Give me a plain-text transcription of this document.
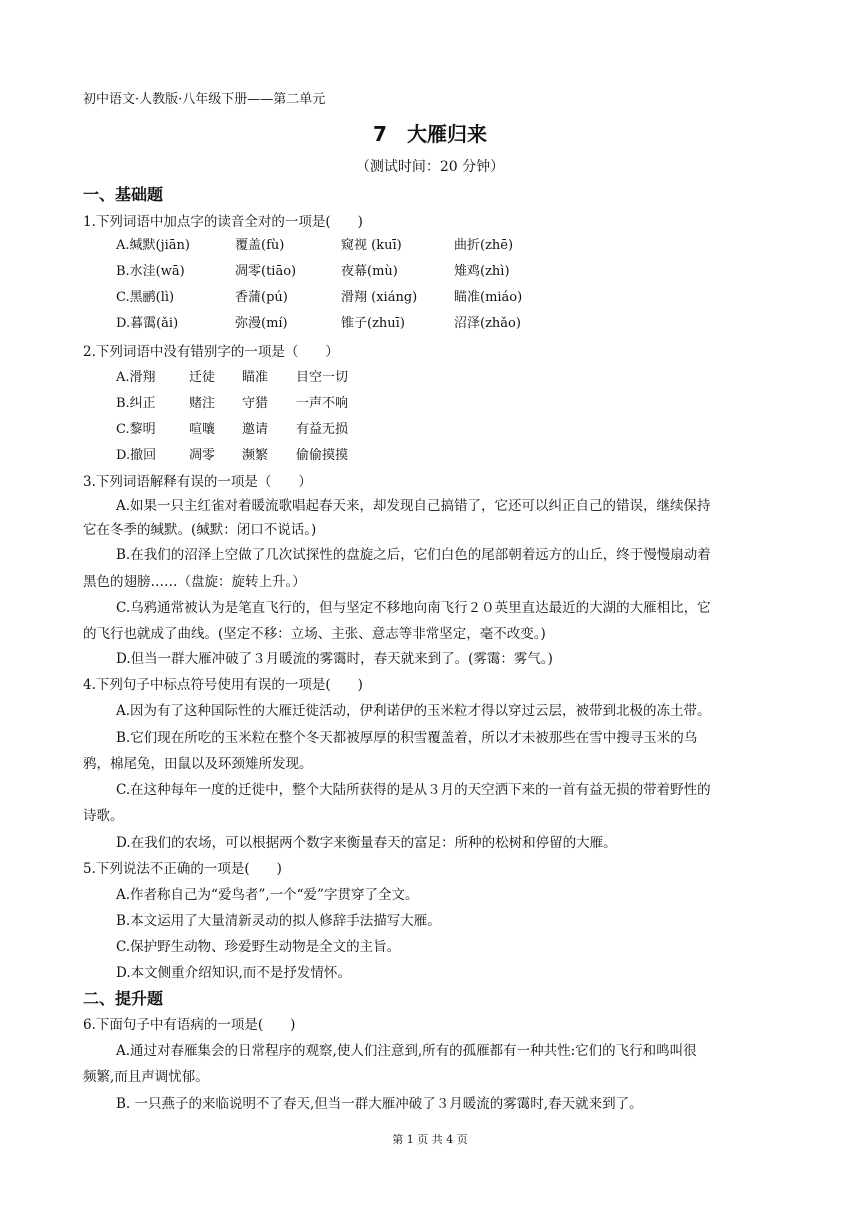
初中语文·人教版·八年级下册——第二单元
7　大雁归来
（测试时间：20 分钟）
一、基础题
1.下列词语中加点字的读音全对的一项是(　　)
A.缄默(jiān)	覆盖(fù)	窥视 (kuī)	曲折(zhē)
B.水洼(wā)	凋零(tiāo)	夜幕(mù)	雉鸡(zhì)
C.黑鹂(lì)	香蒲(pú)	滑翔 (xiáng)	瞄准(miáo)
D.暮霭(ǎi)	弥漫(mí)	锥子(zhuī)	沼泽(zhǎo)
2.下列词语中没有错别字的一项是（　　）
A.滑翔	迁徒 瞄准 目空一切
B.纠正	赌注 守猎 一声不响
C.黎明	喧嚷 邀请 有益无损
D.撤回	凋零 濒繁 偷偷摸摸
3.下列词语解释有误的一项是（　　）
A.如果一只主红雀对着暖流歌唱起春天来，却发现自己搞错了，它还可以纠正自己的错误，继续保持
它在冬季的缄默。(缄默：闭口不说话。)
B.在我们的沼泽上空做了几次试探性的盘旋之后，它们白色的尾部朝着远方的山丘，终于慢慢扇动着
黑色的翅膀……（盘旋：旋转上升。）
C.乌鸦通常被认为是笔直飞行的，但与坚定不移地向南飞行２０英里直达最近的大湖的大雁相比，它
的飞行也就成了曲线。(坚定不移：立场、主张、意志等非常坚定，毫不改变。)
D.但当一群大雁冲破了３月暖流的雾霭时，春天就来到了。(雾霭：雾气。)
4.下列句子中标点符号使用有误的一项是(　　)
A.因为有了这种国际性的大雁迁徙活动，伊利诺伊的玉米粒才得以穿过云层，被带到北极的冻土带。
B.它们现在所吃的玉米粒在整个冬天都被厚厚的积雪覆盖着，所以才未被那些在雪中搜寻玉米的乌
鸦，棉尾兔，田鼠以及环颈雉所发现。
C.在这种每年一度的迁徙中，整个大陆所获得的是从３月的天空洒下来的一首有益无损的带着野性的
诗歌。
D.在我们的农场，可以根据两个数字来衡量春天的富足：所种的松树和停留的大雁。
5.下列说法不正确的一项是(　　)
A.作者称自己为“爱鸟者”,一个“爱”字贯穿了全文。
B.本文运用了大量清新灵动的拟人修辞手法描写大雁。
C.保护野生动物、珍爱野生动物是全文的主旨。
D.本文侧重介绍知识,而不是抒发情怀。
二、提升题
6.下面句子中有语病的一项是(　　)
A.通过对春雁集会的日常程序的观察,使人们注意到,所有的孤雁都有一种共性:它们的飞行和鸣叫很
频繁,而且声调忧郁。
B. 一只燕子的来临说明不了春天,但当一群大雁冲破了３月暖流的雾霭时,春天就来到了。
第 1 页 共 4 页
